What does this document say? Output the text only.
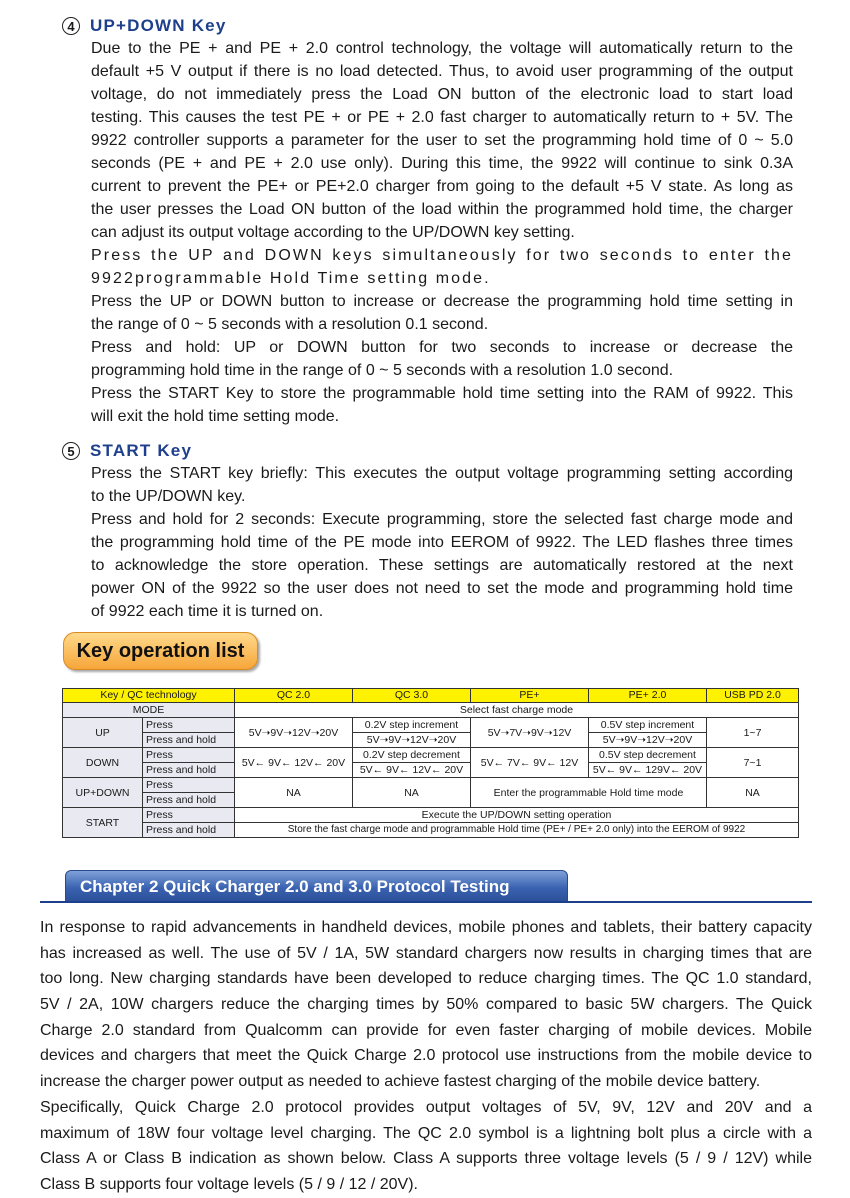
4 UP+DOWN Key
Due to the PE + and PE + 2.0 control technology, the voltage will automatically return to the
default +5 V output if there is no load detected. Thus, to avoid user programming of the output
voltage, do not immediately press the Load ON button of the electronic load to start load
testing. This causes the test PE + or PE + 2.0 fast charger to automatically return to + 5V. The
9922 controller supports a parameter for the user to set the programming hold time of 0 ~ 5.0
seconds (PE + and PE + 2.0 use only). During this time, the 9922 will continue to sink 0.3A
current to prevent the PE+ or PE+2.0 charger from going to the default +5 V state. As long as
the user presses the Load ON button of the load within the programmed hold time, the charger
can adjust its output voltage according to the UP/DOWN key setting.
Press the UP and DOWN keys simultaneously for two seconds to enter the
9922programmable Hold Time setting mode.
Press the UP or DOWN button to increase or decrease the programming hold time setting in
the range of 0 ~ 5 seconds with a resolution 0.1 second.
Press and hold: UP or DOWN button for two seconds to increase or decrease the
programming hold time in the range of 0 ~ 5 seconds with a resolution 1.0 second.
Press the START Key to store the programmable hold time setting into the RAM of 9922. This
will exit the hold time setting mode.
5 START Key
Press the START key briefly: This executes the output voltage programming setting according
to the UP/DOWN key.
Press and hold for 2 seconds: Execute programming, store the selected fast charge mode and
the programming hold time of the PE mode into EEROM of 9922. The LED flashes three times
to acknowledge the store operation. These settings are automatically restored at the next
power ON of the 9922 so the user does not need to set the mode and programming hold time
of 9922 each time it is turned on.
Key operation list
Key / QC technology		QC 2.0	QC 3.0	PE+	PE+ 2.0	USB PD 2.0
MODE		Select fast charge mode				
UP	Press	5V➝9V➝12V➝20V	0.2V step increment	5V➝7V➝9V➝12V	0.5V step increment	1~7
	Press and hold		5V➝9V➝12V➝20V		5V➝9V➝12V➝20V	
DOWN	Press	5V← 9V← 12V← 20V	0.2V step decrement	5V← 7V← 9V← 12V	0.5V step decrement	7~1
	Press and hold		5V← 9V← 12V← 20V		5V← 9V← 129V← 20V	
UP+DOWN	Press	NA	NA	Enter the programmable Hold time mode		NA
	Press and hold					
START	Press	Execute the UP/DOWN setting operation				
	Press and hold	Store the fast charge mode and programmable Hold time (PE+ / PE+ 2.0 only) into the EEROM of 9922				
Chapter 2 Quick Charger 2.0 and 3.0 Protocol Testing
In response to rapid advancements in handheld devices, mobile phones and tablets, their battery capacity
has increased as well. The use of 5V / 1A, 5W standard chargers now results in charging times that are
too long. New charging standards have been developed to reduce charging times. The QC 1.0 standard,
5V / 2A, 10W chargers reduce the charging times by 50% compared to basic 5W chargers. The Quick
Charge 2.0 standard from Qualcomm can provide for even faster charging of mobile devices. Mobile
devices and chargers that meet the Quick Charge 2.0 protocol use instructions from the mobile device to
increase the charger power output as needed to achieve fastest charging of the mobile device battery.
Specifically, Quick Charge 2.0 protocol provides output voltages of 5V, 9V, 12V and 20V and a
maximum of 18W four voltage level charging. The QC 2.0 symbol is a lightning bolt plus a circle with a
Class A or Class B indication as shown below. Class A supports three voltage levels (5 / 9 / 12V) while
Class B supports four voltage levels (5 / 9 / 12 / 20V).
